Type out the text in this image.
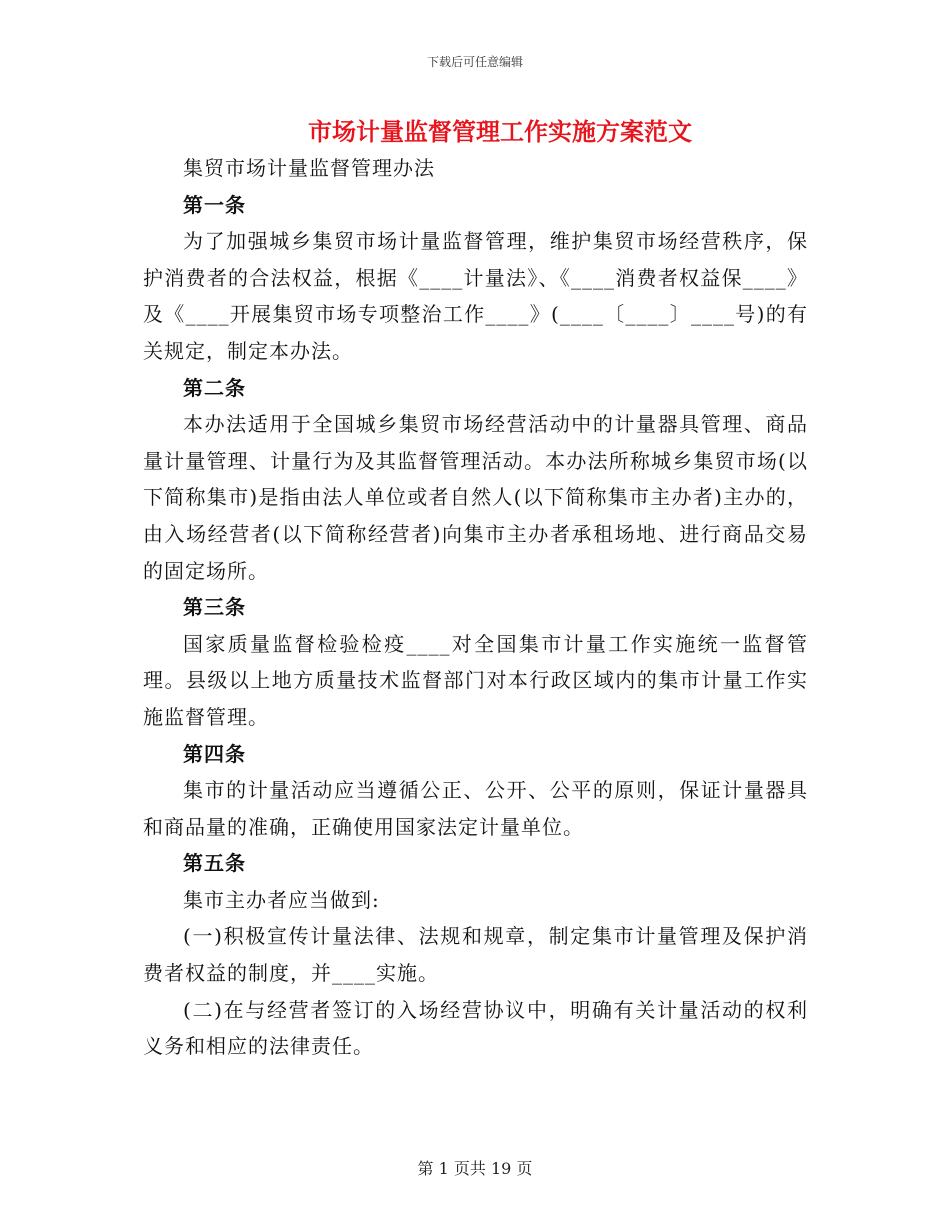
下载后可任意编辑
市场计量监督管理工作实施方案范文

集贸市场计量监督管理办法

第一条

为了加强城乡集贸市场计量监督管理，维护集贸市场经营秩序，保护消费者的合法权益，根据《____计量法》、《____消费者权益保____》及《____开展集贸市场专项整治工作____》(____〔____〕____号)的有关规定，制定本办法。

第二条

本办法适用于全国城乡集贸市场经营活动中的计量器具管理、商品量计量管理、计量行为及其监督管理活动。本办法所称城乡集贸市场(以下简称集市)是指由法人单位或者自然人(以下简称集市主办者)主办的，由入场经营者(以下简称经营者)向集市主办者承租场地、进行商品交易的固定场所。

第三条

国家质量监督检验检疫____对全国集市计量工作实施统一监督管理。县级以上地方质量技术监督部门对本行政区域内的集市计量工作实施监督管理。

第四条

集市的计量活动应当遵循公正、公开、公平的原则，保证计量器具和商品量的准确，正确使用国家法定计量单位。

第五条

集市主办者应当做到:

(一)积极宣传计量法律、法规和规章，制定集市计量管理及保护消费者权益的制度，并____实施。

(二)在与经营者签订的入场经营协议中，明确有关计量活动的权利义务和相应的法律责任。

第 1 页共 19 页
